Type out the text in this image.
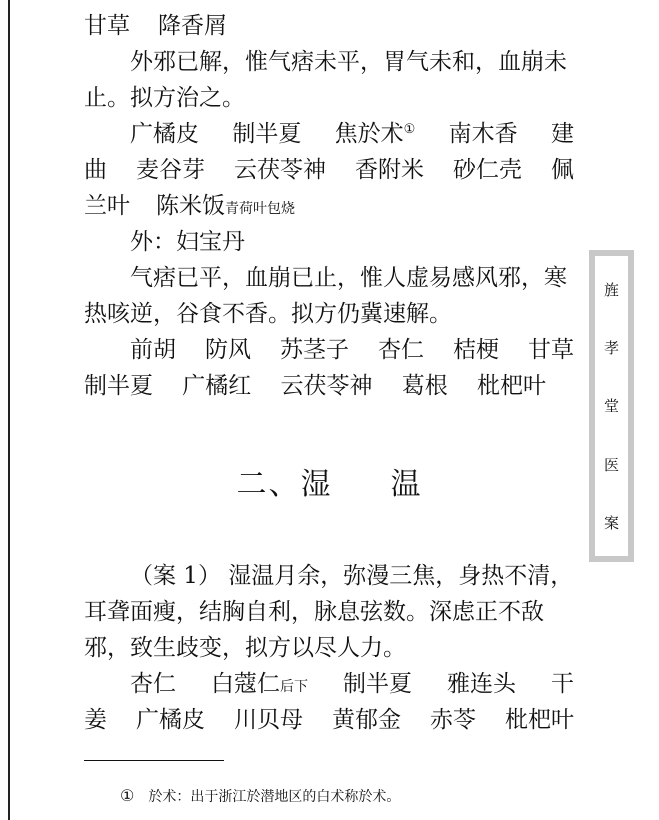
甘草 降香屑
外邪已解，惟气痞未平，胃气未和，血崩未
止。拟方治之。
广橘皮 制半夏 焦於术① 南木香 建
曲 麦谷芽 云茯苓神 香附米 砂仁壳 佩
兰叶 陈米饭青荷叶包烧
外：妇宝丹
气痞已平，血崩已止，惟人虚易感风邪，寒
热咳逆，谷食不香。拟方仍冀速解。
前胡 防风 苏茎子 杏仁 桔梗 甘草
制半夏 广橘红 云茯苓神 葛根 枇杷叶
（案 1） 湿温月余，弥漫三焦，身热不清，
耳聋面瘦，结胸自利，脉息弦数。深虑正不敌
邪，致生歧变，拟方以尽人力。
杏仁 白蔻仁后下 制半夏 雅连头 干
姜 广橘皮 川贝母 黄郁金 赤苓 枇杷叶
二、湿 温
旌
孝
堂
医
案
① 於术：出于浙江於潜地区的白术称於术。
